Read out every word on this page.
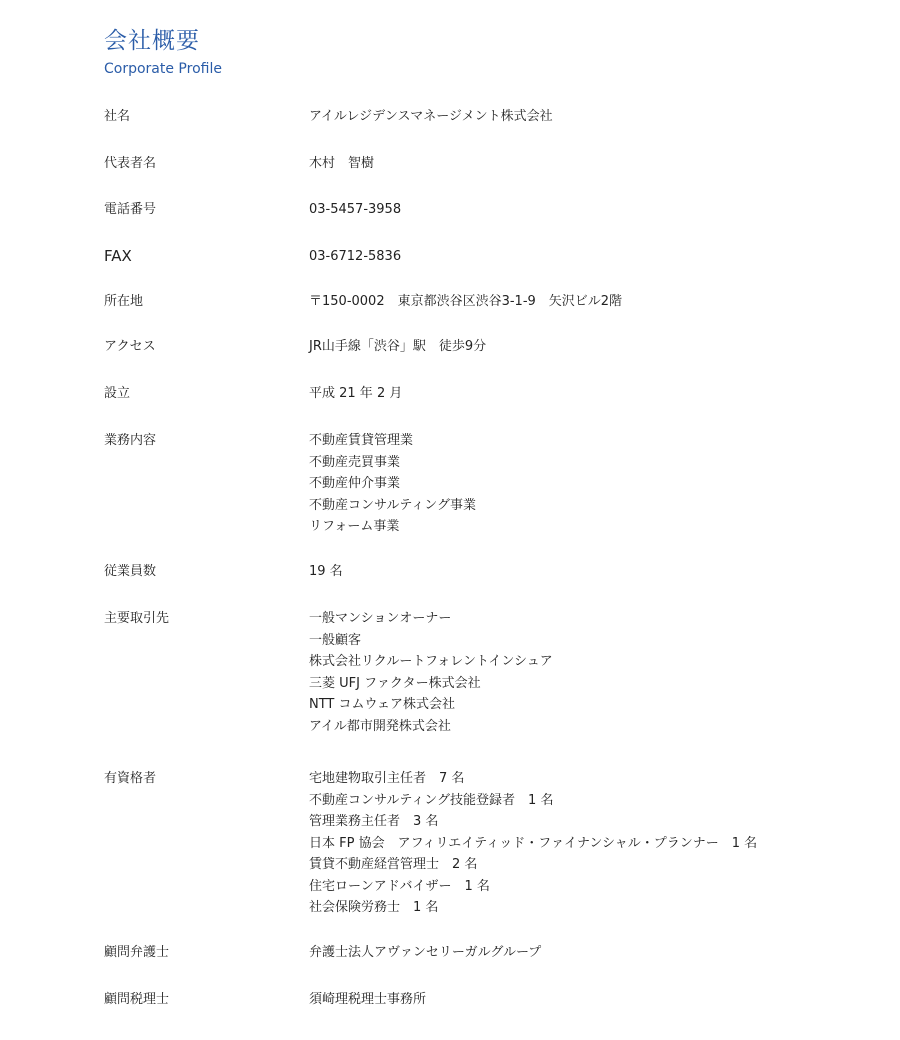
会社概要
Corporate Profile
社名	アイルレジデンスマネージメント株式会社
代表者名	木村　智樹
電話番号	03-5457-3958
FAX	03-6712-5836
所在地	〒150-0002　東京都渋谷区渋谷3-1-9　矢沢ビル2階
アクセス	JR山手線「渋谷」駅　徒歩9分
設立	平成 21 年 2 月
業務内容	不動産賃貸管理業
不動産売買事業
不動産仲介事業
不動産コンサルティング事業
リフォーム事業
従業員数	19 名
主要取引先	一般マンションオーナー
一般顧客
株式会社リクルートフォレントインシュア
三菱 UFJ ファクター株式会社
NTT コムウェア株式会社
アイル都市開発株式会社
有資格者	宅地建物取引主任者　7 名
不動産コンサルティング技能登録者　1 名
管理業務主任者　3 名
日本 FP 協会　アフィリエイティッド・ファイナンシャル・プランナー　1 名
賃貸不動産経営管理士　2 名
住宅ローンアドバイザー　1 名
社会保険労務士　1 名
顧問弁護士	弁護士法人アヴァンセリーガルグループ
顧問税理士	須崎理税理士事務所
